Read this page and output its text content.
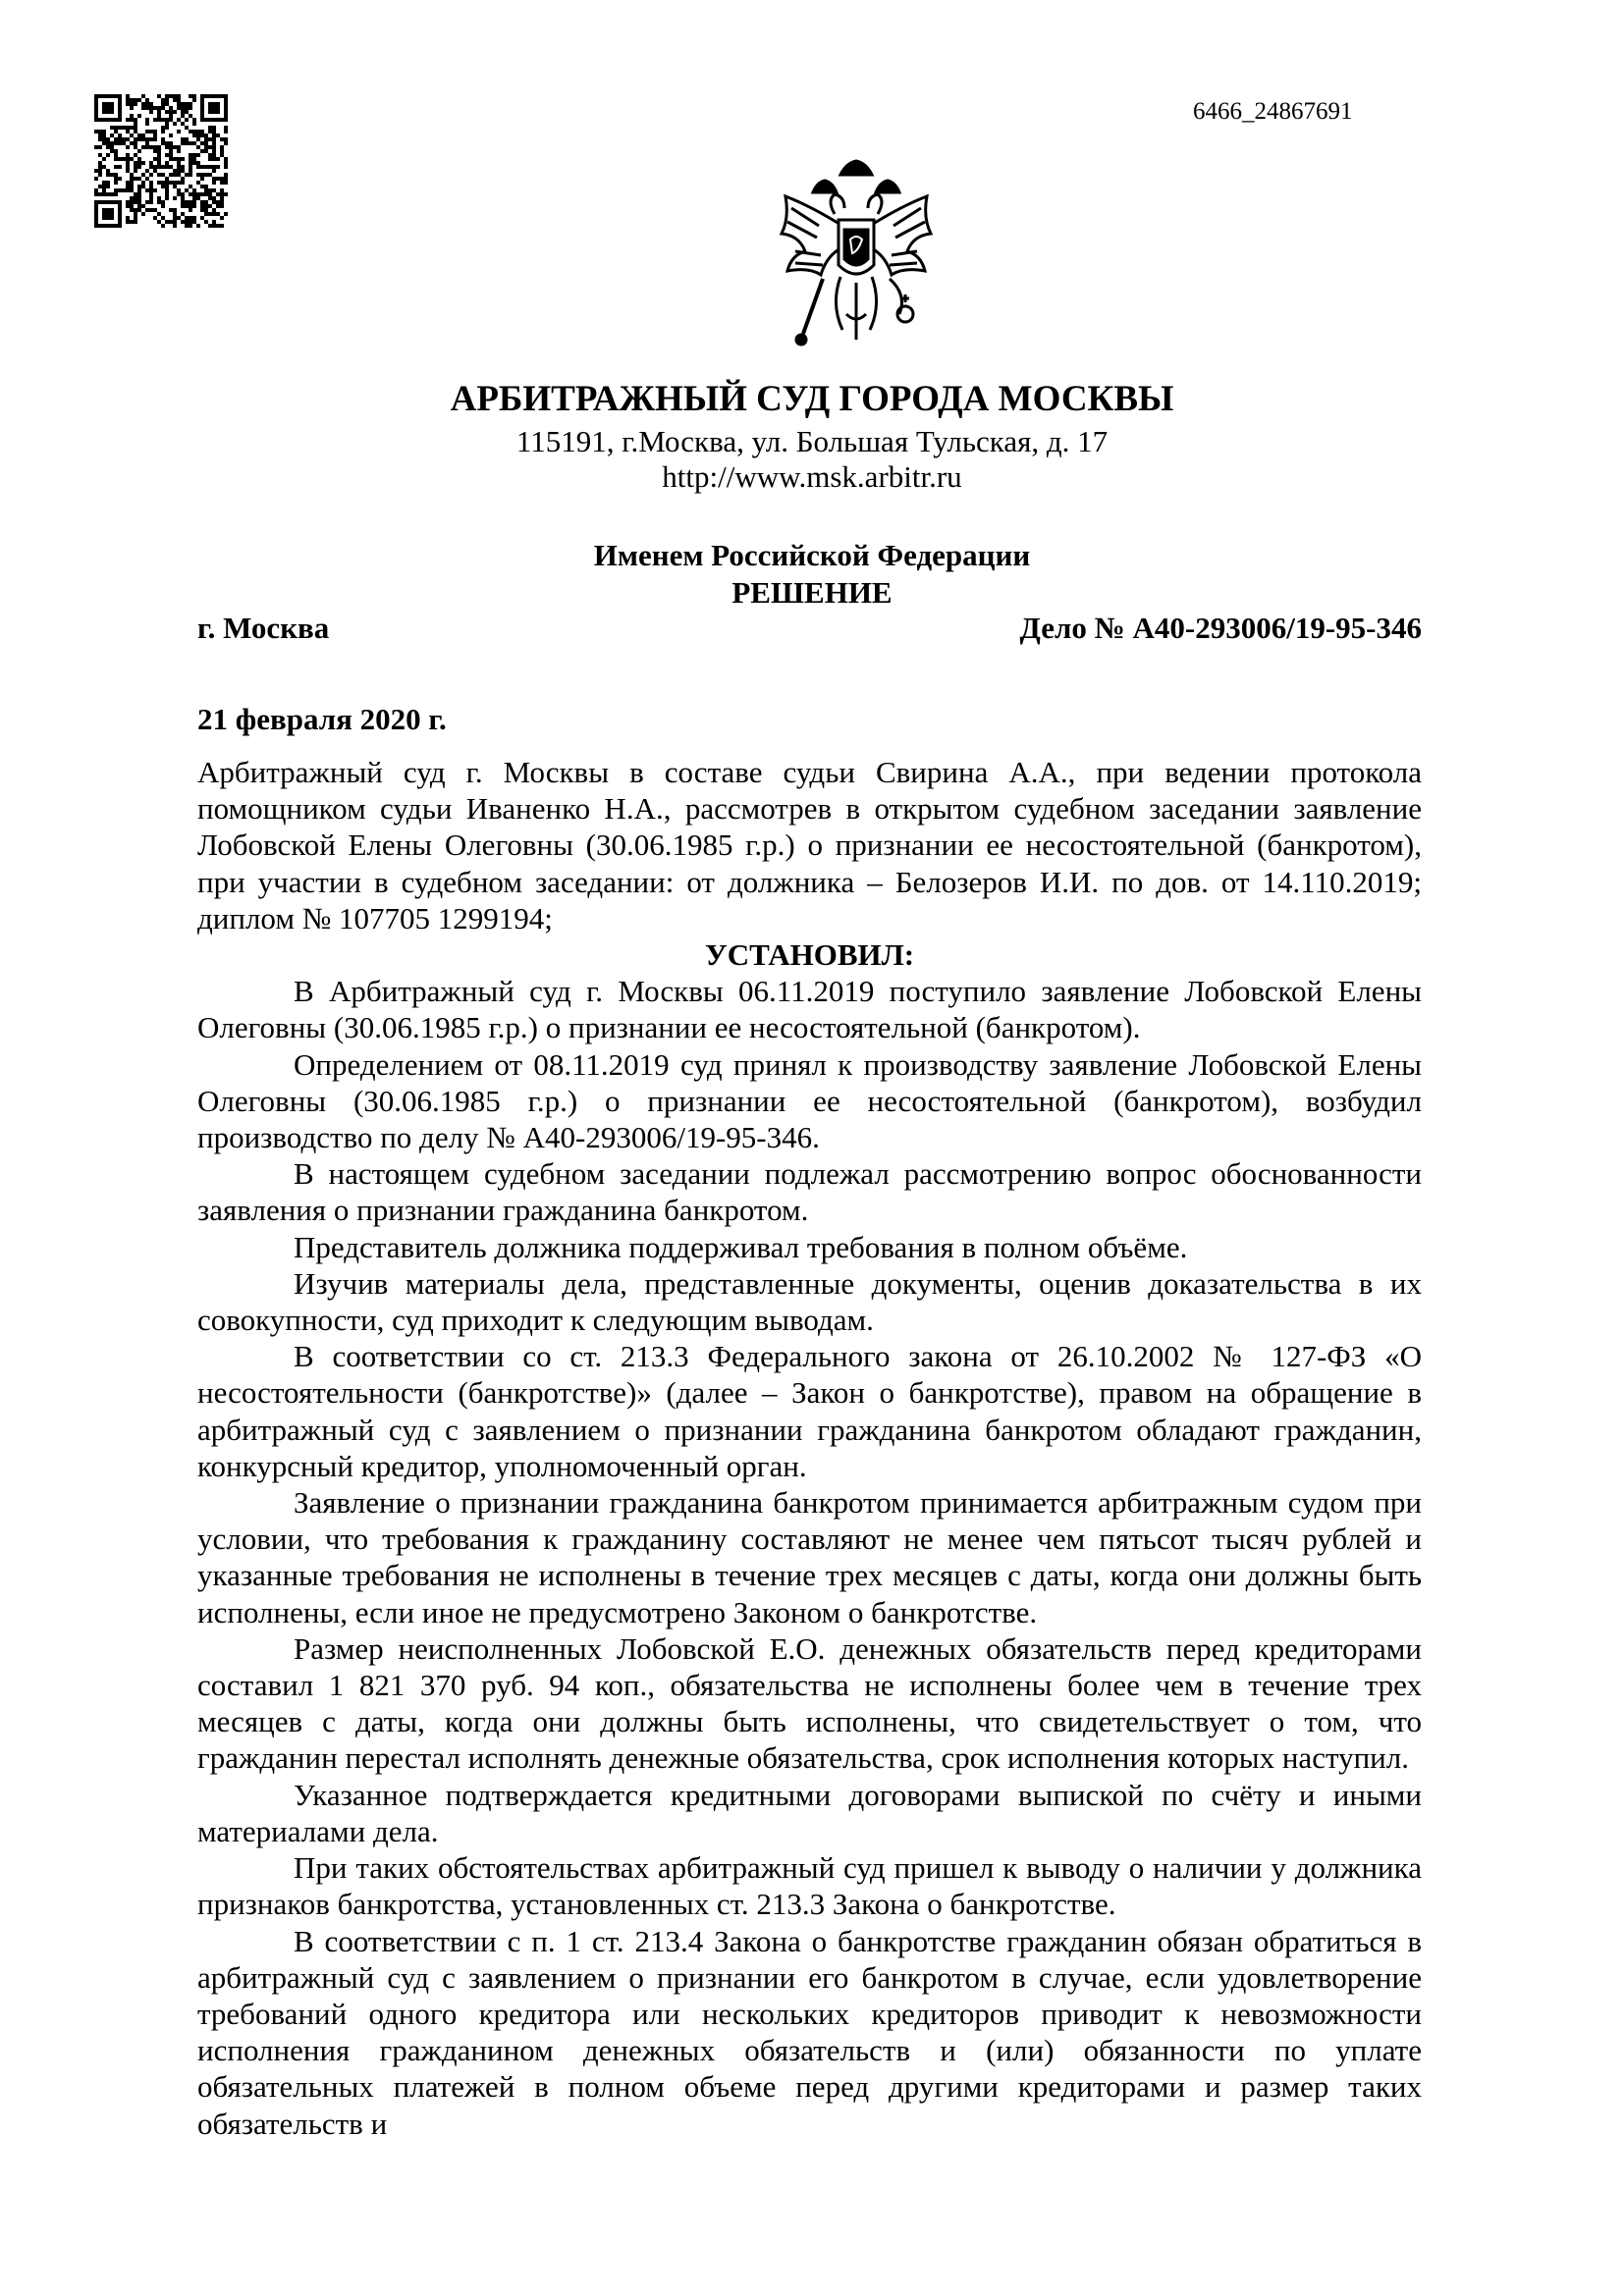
6466_24867691
АРБИТРАЖНЫЙ СУД ГОРОДА МОСКВЫ
115191, г.Москва, ул. Большая Тульская, д. 17
http://www.msk.arbitr.ru
Именем Российской Федерации
РЕШЕНИЕ
г. Москва	Дело № А40-293006/19-95-346
21 февраля 2020 г.

Арбитражный суд г. Москвы в составе судьи Свирина А.А., при ведении протокола помощником судьи Иваненко Н.А., рассмотрев в открытом судебном заседании заявление Лобовской Елены Олеговны (30.06.1985 г.р.) о признании ее несостоятельной (банкротом), при участии в судебном заседании: от должника – Белозеров И.И. по дов. от 14.110.2019; диплом № 107705 1299194;

УСТАНОВИЛ:

В Арбитражный суд г. Москвы 06.11.2019 поступило заявление Лобовской Елены Олеговны (30.06.1985 г.р.) о признании ее несостоятельной (банкротом).

Определением от 08.11.2019 суд принял к производству заявление Лобовской Елены Олеговны (30.06.1985 г.р.) о признании ее несостоятельной (банкротом), возбудил производство по делу № А40-293006/19-95-346.

В настоящем судебном заседании подлежал рассмотрению вопрос обоснованности заявления о признании гражданина банкротом.

Представитель должника поддерживал требования в полном объёме.

Изучив материалы дела, представленные документы, оценив доказательства в их совокупности, суд приходит к следующим выводам.

В соответствии со ст. 213.3 Федерального закона от 26.10.2002 № 127-ФЗ «О несостоятельности (банкротстве)» (далее – Закон о банкротстве), правом на обращение в арбитражный суд с заявлением о признании гражданина банкротом обладают гражданин, конкурсный кредитор, уполномоченный орган.

Заявление о признании гражданина банкротом принимается арбитражным судом при условии, что требования к гражданину составляют не менее чем пятьсот тысяч рублей и указанные требования не исполнены в течение трех месяцев с даты, когда они должны быть исполнены, если иное не предусмотрено Законом о банкротстве.

Размер неисполненных Лобовской Е.О. денежных обязательств перед кредиторами составил 1 821 370 руб. 94 коп., обязательства не исполнены более чем в течение трех месяцев с даты, когда они должны быть исполнены, что свидетельствует о том, что гражданин перестал исполнять денежные обязательства, срок исполнения которых наступил.

Указанное подтверждается кредитными договорами выпиской по счёту и иными материалами дела.

При таких обстоятельствах арбитражный суд пришел к выводу о наличии у должника признаков банкротства, установленных ст. 213.3 Закона о банкротстве.

В соответствии с п. 1 ст. 213.4 Закона о банкротстве гражданин обязан обратиться в арбитражный суд с заявлением о признании его банкротом в случае, если удовлетворение требований одного кредитора или нескольких кредиторов приводит к невозможности исполнения гражданином денежных обязательств и (или) обязанности по уплате обязательных платежей в полном объеме перед другими кредиторами и размер таких обязательств и
